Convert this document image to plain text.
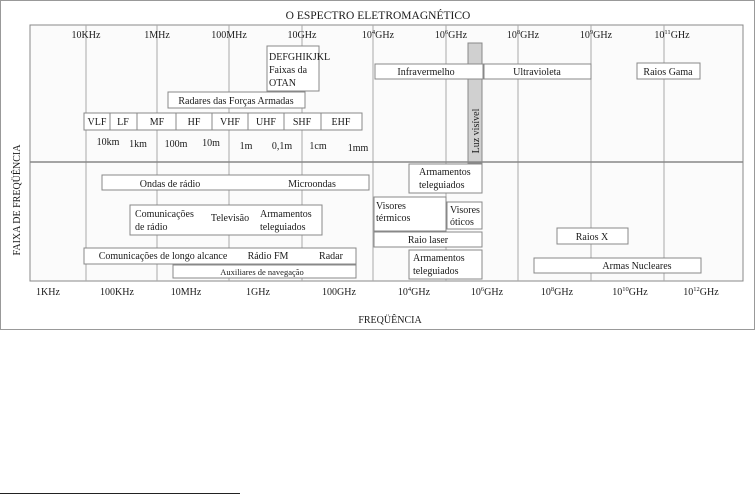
O ESPECTRO ELETROMAGNÉTICO
Luz visível
10KHz	1MHz	100MHz	10GHz	$10^4GHz$	$10^6GHz$	$10^8GHz$	$10^9GHz$	$10^{11}GHz$
DEFGHIKJKL Faixas da OTAN
Infravermelho	Ultravioleta	Raios Gama
Radares das Forças Armadas
VLF LF MF HF VHF UHF SHF EHF
10km 1km 100m 10m 1m 0,1m 1cm 1mm
Ondas de rádio	Microondas
Armamentos teleguiados
Comunicações de rádio
Televisão Armamentos teleguiados
Visores térmicos
Visores óticos
Raio laser	Raios X
Comunicações de longo alcance Rádio FM	Radar
Auxiliares de navegação
Armamentos teleguiados	Armas Nucleares
1KHz	100KHz	10MHz	1GHz	100GHz	$10^4GHz$	$10^6GHz$	$10^8GHz$	$10^{10}GHz$	$10^{12}GHz$
FREQÜÊNCIA
FAIXA DE FREQÜÊNCIA
